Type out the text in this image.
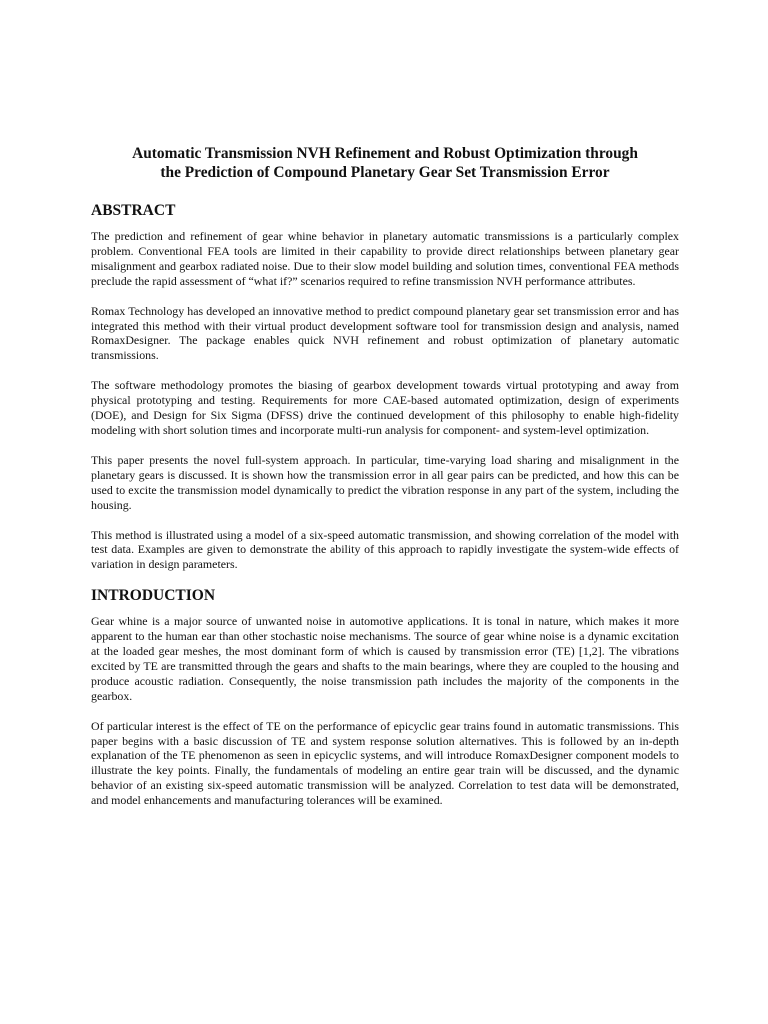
Automatic Transmission NVH Refinement and Robust Optimization through
the Prediction of Compound Planetary Gear Set Transmission Error
ABSTRACT

The prediction and refinement of gear whine behavior in planetary automatic transmissions is a particularly complex problem. Conventional FEA tools are limited in their capability to provide direct relationships between planetary gear misalignment and gearbox radiated noise. Due to their slow model building and solution times, conventional FEA methods preclude the rapid assessment of “what if?” scenarios required to refine transmission NVH performance attributes.

Romax Technology has developed an innovative method to predict compound planetary gear set transmission error and has integrated this method with their virtual product development software tool for transmission design and analysis, named RomaxDesigner. The package enables quick NVH refinement and robust optimization of planetary automatic transmissions.

The software methodology promotes the biasing of gearbox development towards virtual prototyping and away from physical prototyping and testing. Requirements for more CAE-based automated optimization, design of experiments (DOE), and Design for Six Sigma (DFSS) drive the continued development of this philosophy to enable high-fidelity modeling with short solution times and incorporate multi-run analysis for component- and system-level optimization.

This paper presents the novel full-system approach. In particular, time-varying load sharing and misalignment in the planetary gears is discussed. It is shown how the transmission error in all gear pairs can be predicted, and how this can be used to excite the transmission model dynamically to predict the vibration response in any part of the system, including the housing.

This method is illustrated using a model of a six-speed automatic transmission, and showing correlation of the model with test data. Examples are given to demonstrate the ability of this approach to rapidly investigate the system-wide effects of variation in design parameters.

INTRODUCTION

Gear whine is a major source of unwanted noise in automotive applications. It is tonal in nature, which makes it more apparent to the human ear than other stochastic noise mechanisms. The source of gear whine noise is a dynamic excitation at the loaded gear meshes, the most dominant form of which is caused by transmission error (TE) [1,2]. The vibrations excited by TE are transmitted through the gears and shafts to the main bearings, where they are coupled to the housing and produce acoustic radiation. Consequently, the noise transmission path includes the majority of the components in the gearbox.

Of particular interest is the effect of TE on the performance of epicyclic gear trains found in automatic transmissions. This paper begins with a basic discussion of TE and system response solution alternatives. This is followed by an in-depth explanation of the TE phenomenon as seen in epicyclic systems, and will introduce RomaxDesigner component models to illustrate the key points. Finally, the fundamentals of modeling an entire gear train will be discussed, and the dynamic behavior of an existing six-speed automatic transmission will be analyzed. Correlation to test data will be demonstrated, and model enhancements and manufacturing tolerances will be examined.
